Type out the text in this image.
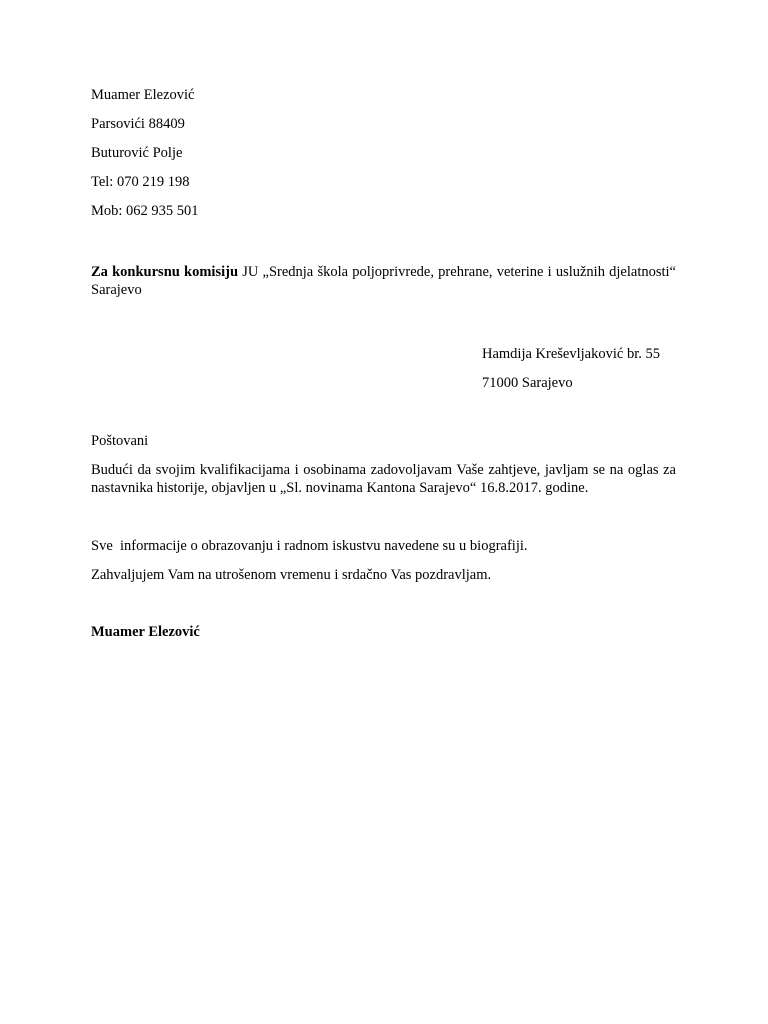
Muamer Elezović
Parsovići 88409
Buturović Polje
Tel: 070 219 198
Mob: 062 935 501
Za konkursnu komisiju JU „Srednja škola poljoprivrede, prehrane, veterine i uslužnih djelatnosti“ Sarajevo
Hamdija Kreševljaković br. 55
71000 Sarajevo
Poštovani
Budući da svojim kvalifikacijama i osobinama zadovoljavam Vaše zahtjeve, javljam se na oglas za nastavnika historije, objavljen u „Sl. novinama Kantona Sarajevo“ 16.8.2017. godine.
Sve  informacije o obrazovanju i radnom iskustvu navedene su u biografiji.
Zahvaljujem Vam na utrošenom vremenu i srdačno Vas pozdravljam.
Muamer Elezović
